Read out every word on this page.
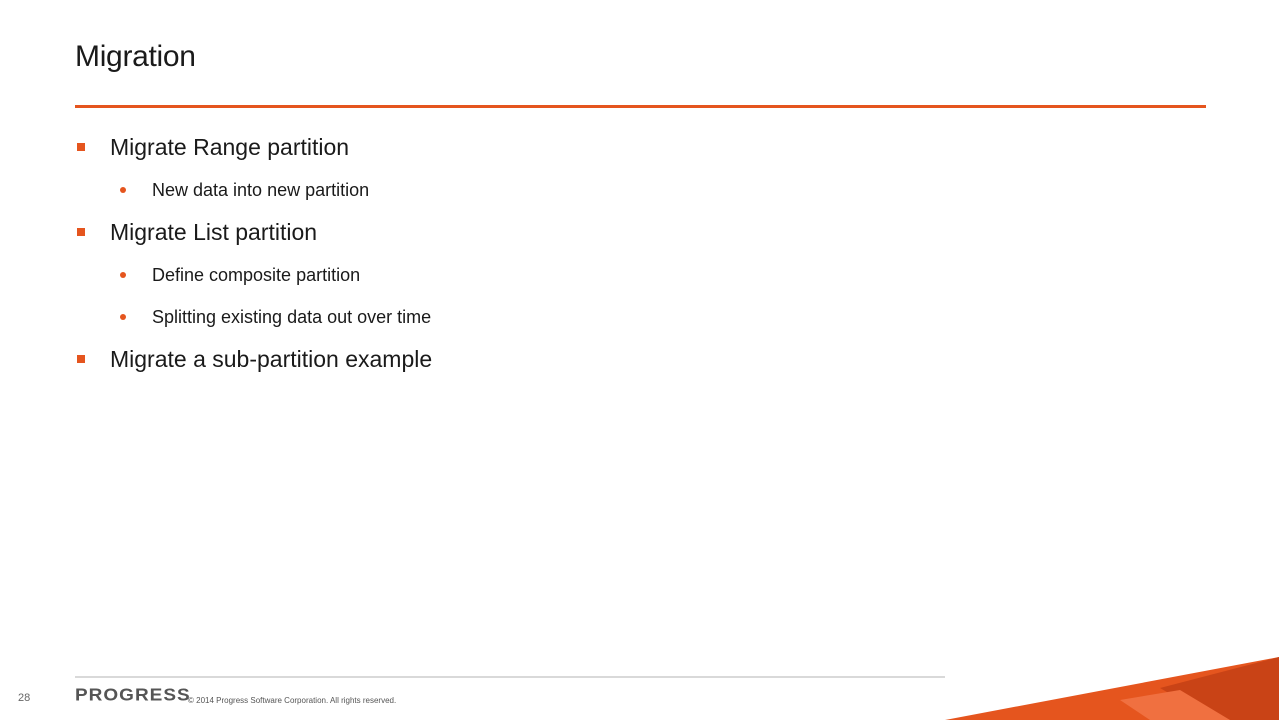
Migration
Migrate Range partition
New data into new partition
Migrate List partition
Define composite partition
Splitting existing data out over time
Migrate a sub-partition example
28 PROGRESS
© 2014 Progress Software Corporation. All rights reserved.
